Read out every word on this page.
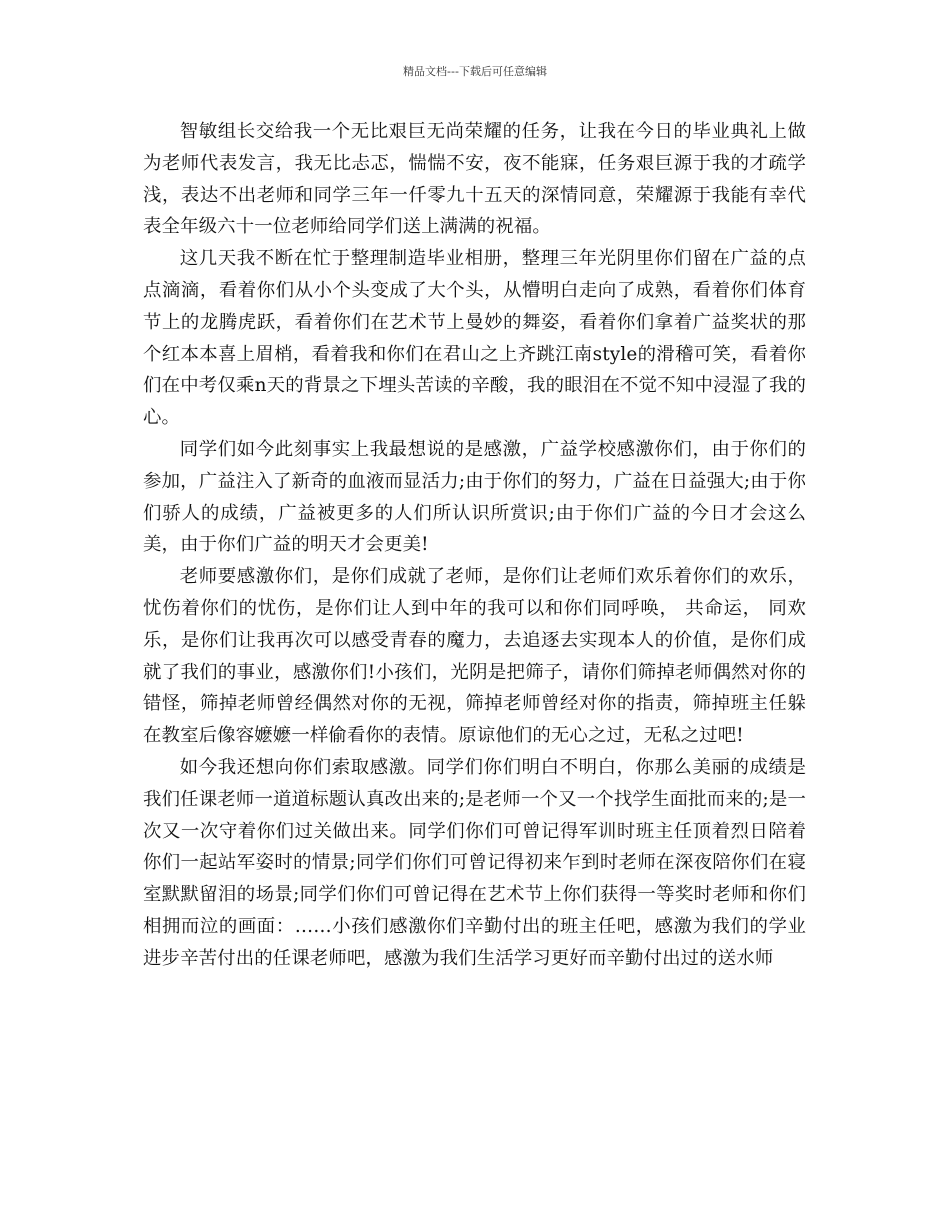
精品文档---下载后可任意编辑

智敏组长交给我一个无比艰巨无尚荣耀的任务，让我在今日的毕业典礼上做为老师代表发言，我无比忐忑，惴惴不安，夜不能寐，任务艰巨源于我的才疏学浅，表达不出老师和同学三年一仟零九十五天的深情同意，荣耀源于我能有幸代表全年级六十一位老师给同学们送上满满的祝福。

这几天我不断在忙于整理制造毕业相册，整理三年光阴里你们留在广益的点点滴滴，看着你们从小个头变成了大个头，从懵明白走向了成熟，看着你们体育节上的龙腾虎跃，看着你们在艺术节上曼妙的舞姿，看着你们拿着广益奖状的那个红本本喜上眉梢，看着我和你们在君山之上齐跳江南style的滑稽可笑，看着你们在中考仅乘n天的背景之下埋头苦读的辛酸，我的眼泪在不觉不知中浸湿了我的心。

同学们如今此刻事实上我最想说的是感激，广益学校感激你们，由于你们的参加，广益注入了新奇的血液而显活力;由于你们的努力，广益在日益强大;由于你们骄人的成绩，广益被更多的人们所认识所赏识;由于你们广益的今日才会这么美，由于你们广益的明天才会更美!

老师要感激你们，是你们成就了老师，是你们让老师们欢乐着你们的欢乐，忧伤着你们的忧伤，是你们让人到中年的我可以和你们同呼唤， 共命运， 同欢乐，是你们让我再次可以感受青春的魔力，去追逐去实现本人的价值，是你们成就了我们的事业，感激你们!小孩们，光阴是把筛子，请你们筛掉老师偶然对你的错怪，筛掉老师曾经偶然对你的无视，筛掉老师曾经对你的指责，筛掉班主任躲在教室后像容嬷嬷一样偷看你的表情。原谅他们的无心之过，无私之过吧!

如今我还想向你们索取感激。同学们你们明白不明白，你那么美丽的成绩是我们任课老师一道道标题认真改出来的;是老师一个又一个找学生面批而来的;是一次又一次守着你们过关做出来。同学们你们可曾记得军训时班主任顶着烈日陪着你们一起站军姿时的情景;同学们你们可曾记得初来乍到时老师在深夜陪你们在寝室默默留泪的场景;同学们你们可曾记得在艺术节上你们获得一等奖时老师和你们相拥而泣的画面：……小孩们感激你们辛勤付出的班主任吧，感激为我们的学业进步辛苦付出的任课老师吧，感激为我们生活学习更好而辛勤付出过的送水师
